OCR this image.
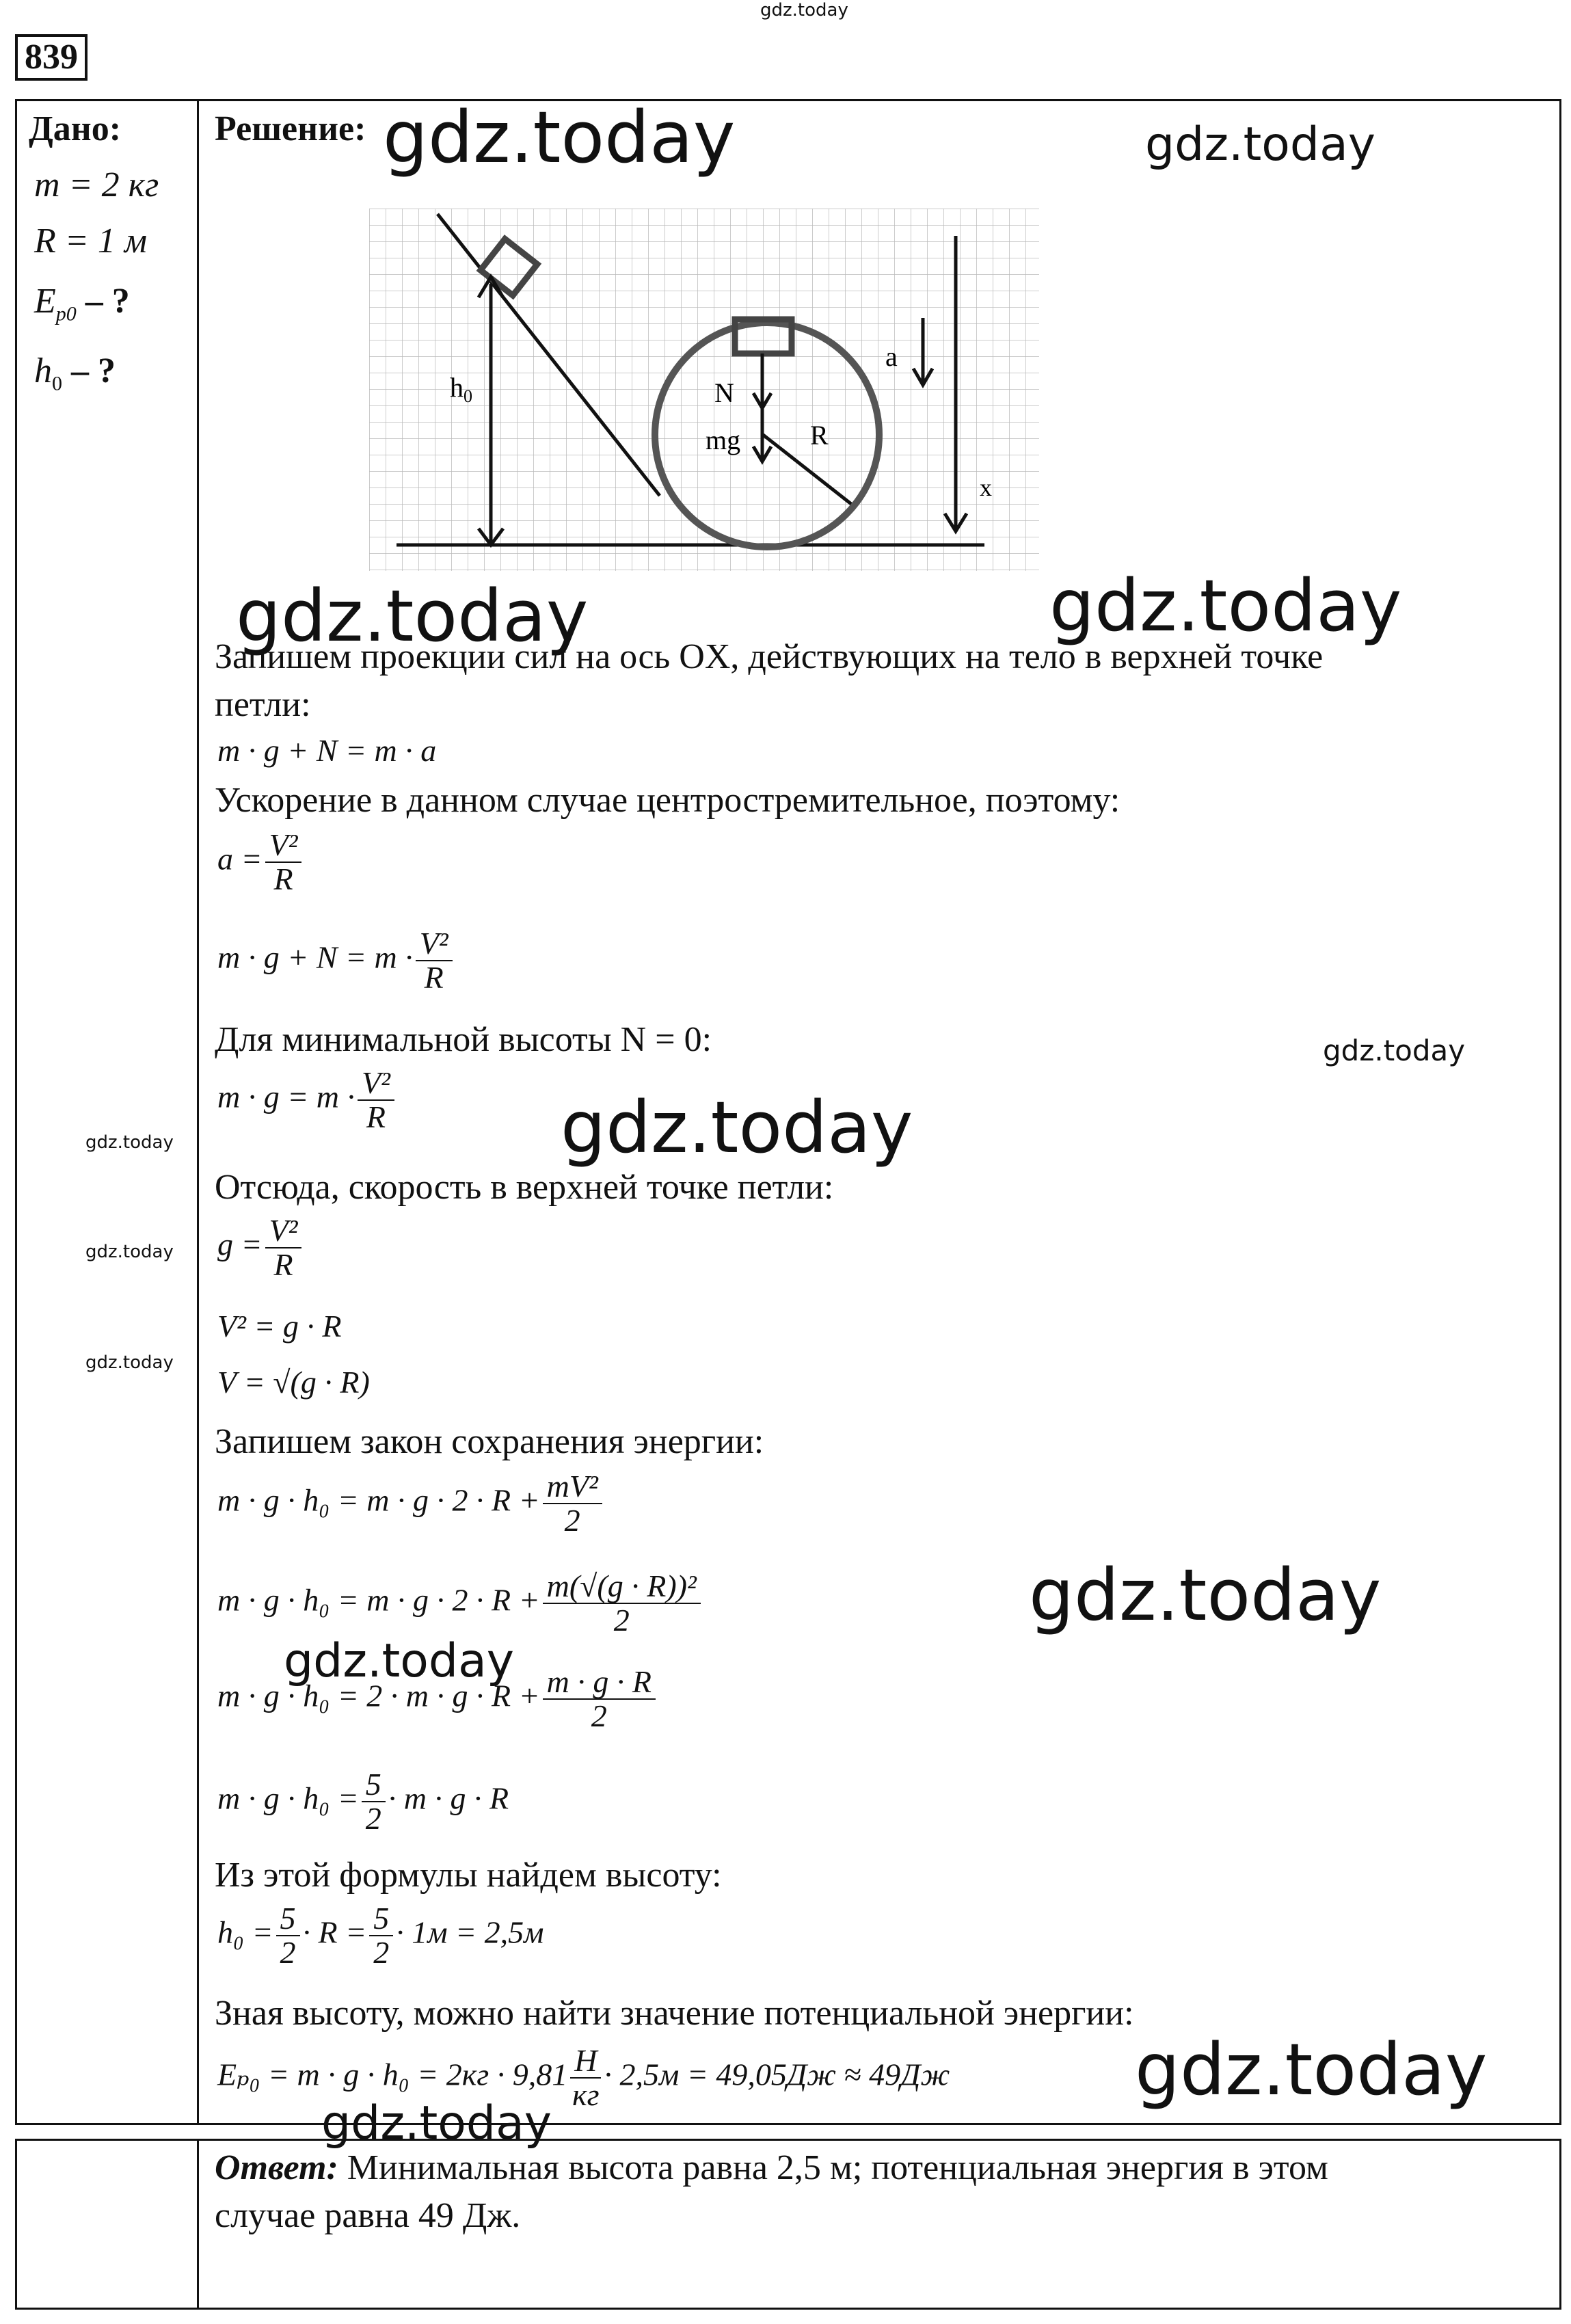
gdz.today
839
Дано:
m = 2 кг
R = 1 м
$E_{p0}$ – ?
$h_0$ – ?
Решение:
$h_0$	N
mg	R
a
x
Запишем проекции сил на ось OX, действующих на тело в верхней точке
петли:
m · g + N = m · a
Ускорение в данном случае центростремительное, поэтому:
$a = \frac{\text{V²}}{R}$
$m \cdot g + N = m \cdot \frac{\text{V²}}{R}$
Для минимальной высоты N = 0:
$m \cdot g = m \cdot \frac{\text{V²}}{R}$
Отсюда, скорость в верхней точке петли:
$g = \frac{\text{V²}}{R}$
V² = g · R
V = √(g · R)
Запишем закон сохранения энергии:
$m \cdot g \cdot h_0 = m \cdot g \cdot 2 \cdot R + \frac{\text{mV²}}{2}$
$m \cdot g \cdot h_0 = m \cdot g \cdot 2 \cdot R + \frac{\text{m(√(g · R))²}}{2}$
$m \cdot g \cdot h_0 = 2 \cdot m \cdot g \cdot R + \frac{m \cdot g \cdot R}{2}$
$m \cdot g \cdot h_0 = \frac{5}{2} \cdot m \cdot g \cdot R$
Из этой формулы найдем высоту:
$h_0 = \frac{5}{2} \cdot R = \frac{5}{2} \cdot 1м = 2,5м$
Зная высоту, можно найти значение потенциальной энергии:
$E_{p0} = m \cdot g \cdot h_0 = 2кг \cdot 9,81 \frac{Н}{кг} \cdot 2,5м = 49,05Дж \approx 49Дж$
Ответ: Минимальная высота равна 2,5 м; потенциальная энергия в этом
случае равна 49 Дж.
gdz.today	gdz.today
gdz.today	gdz.today
gdz.today
gdz.today
gdz.today
gdz.today
gdz.today
gdz.today
gdz.today
gdz.today
gdz.today
